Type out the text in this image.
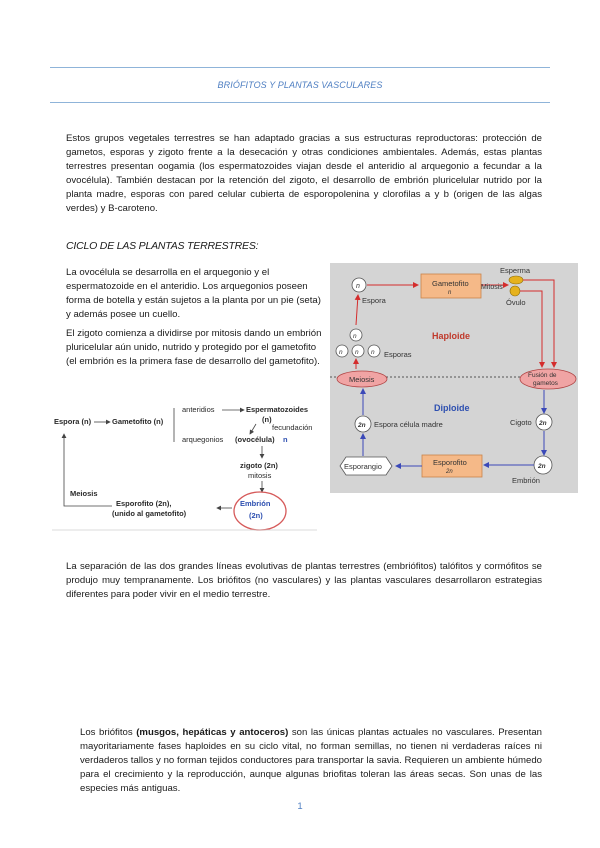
BRIÓFITOS Y PLANTAS VASCULARES

Estos grupos vegetales terrestres se han adaptado gracias a sus estructuras reproductoras: protección de gametos, esporas y zigoto frente a la desecación y otras condiciones ambientales. Además, estas plantas terrestres presentan oogamia (los espermatozoides viajan desde el anteridio al arquegonio a fecundar a la ovocélula). También destacan por la retención del zigoto, el desarrollo de embrión pluricelular nutrido por la planta madre, esporas con pared celular cubierta de esporopolenina y clorofilas a y b (origen de las algas verdes) y B-caroteno.

CICLO DE LAS PLANTAS TERRESTRES:

La ovocélula se desarrolla en el arquegonio y el espermatozoide en el anteridio. Los arquegonios poseen forma de botella y están sujetos a la planta por un pie (seta) y además posee un cuello.

El zigoto comienza a dividirse por mitosis dando un embrión pluricelular aún unido, nutrido y protegido por el gametofito (el embrión es la primera fase de desarrollo del gametofito).

Espora (n)	Gametofito (n)
anteridios	Espermatozoides
(n)
fecundación
arquegonios (ovocélula) n
zigoto (2n)
mitosis
Embrión
(2n)
Esporofito (2n),
(unido al gametofito)
Meiosis
n
Espora
Gametofito
n
Mitosis
Esperma
Óvulo
Haploide
n
n n n Esporas
Meiosis	Fusión de
gametos
Diploide
Cigoto 2n
2n
Embrión
Esporofito
2n
Esporangio
2n Espora célula madre

La separación de las dos grandes líneas evolutivas de plantas terrestres (embriófitos) talófitos y cormófitos se produjo muy tempranamente. Los briófitos (no vasculares) y las plantas vasculares desarrollaron estrategias diferentes para poder vivir en el medio terrestre.

Los briófitos (musgos, hepáticas y antoceros) son las únicas plantas actuales no vasculares. Presentan mayoritariamente fases haploides en su ciclo vital, no forman semillas, no tienen ni verdaderas raíces ni verdaderos tallos y no forman tejidos conductores para transportar la savia. Requieren un ambiente húmedo para el crecimiento y la reproducción, aunque algunas briofitas toleran las áreas secas. Son unas de las especies más antiguas.

1
